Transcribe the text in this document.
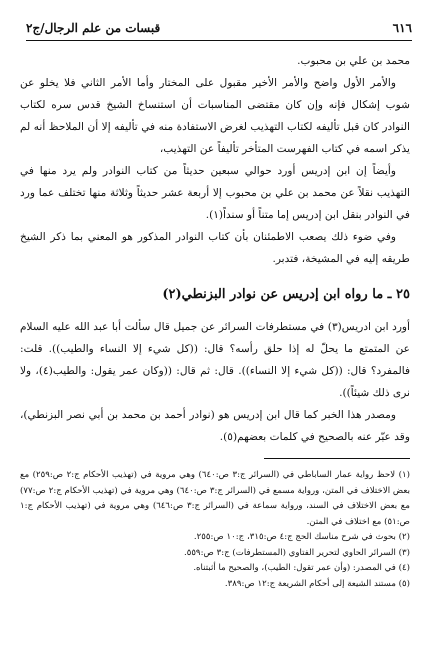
٦١٦
قبسات من علم الرجال/ج٢

محمد بن علي بن محبوب.

والأمر الأول واضح والأمر الأخير مقبول على المختار وأما الأمر الثاني فلا يخلو عن شوب إشكال فإنه وإن كان مقتضى المناسبات أن استنساخ الشيخ قدس سره لكتاب النوادر كان قبل تأليفه لكتاب التهذيب لغرض الاستفادة منه في تأليفه إلا أن الملاحظ أنه لم يذكر اسمه في كتاب الفهرست المتأخر تأليفاً عن التهذيب،

وأيضاً إن ابن إدريس أورد حوالي سبعين حديثاً من كتاب النوادر ولم يرد منها في التهذيب نقلاً عن محمد بن علي بن محبوب إلا أربعة عشر حديثاً وثلاثة منها تختلف عما ورد في النوادر بنقل ابن إدريس إما متناً أو سنداً(١).

وفي ضوء ذلك يصعب الاطمئنان بأن كتاب النوادر المذكور هو المعني بما ذكر الشيخ طريقه إليه في المشيخة، فتدبر.

٢٥ ـ ما رواه ابن إدريس عن نوادر البزنطي(٢)

أورد ابن ادريس(٣) في مستطرفات السرائر عن جميل قال سألت أبا عبد الله عليه السلام عن المتمتع ما يحلّ له إذا حلق رأسه؟ قال: ((كل شيء إلا النساء والطيب)). قلت: فالمفرد؟ قال: ((كل شيء إلا النساء)). قال: ثم قال: ((وكان عمر يقول: والطيب(٤)، ولا نرى ذلك شيئاً)).

ومصدر هذا الخبر كما قال ابن إدريس هو (نوادر أحمد بن محمد بن أبي نصر البزنطي)، وقد عبّر عنه بالصحيح في كلمات بعضهم(٥).

(١) لاحظ رواية عمار الساباطي في (السرائر ج:٣ ص:٦٤٠) وهي مروية في (تهذيب الأحكام ج:٢ ص:٢٥٩) مع بعض الاختلاف في المتن، ورواية مسمع في (السرائر ج:٣ ص:٦٤٠) وهي مروية في (تهذيب الأحكام ج:٢ ص:٧٧) مع بعض الاختلاف في السند، ورواية سماعة في (السرائر ج:٣ ص:٦٤٦) وهي مروية في (تهذيب الأحكام ج:١ ص:٥١) مع اختلاف في المتن.

(٢) بحوث في شرح مناسك الحج ج:٤ ص:٣١٥، ج:١٠ ص:٢٥٥.

(٣) السرائر الحاوي لتحرير الفتاوي (المستطرفات) ج:٣ ص:٥٥٩.

(٤) في المصدر: (وأن عمر تقول: الطيب)، والصحيح ما أثبتناه.

(٥) مستند الشيعة إلى أحكام الشريعة ج:١٢ ص:٣٨٩.
